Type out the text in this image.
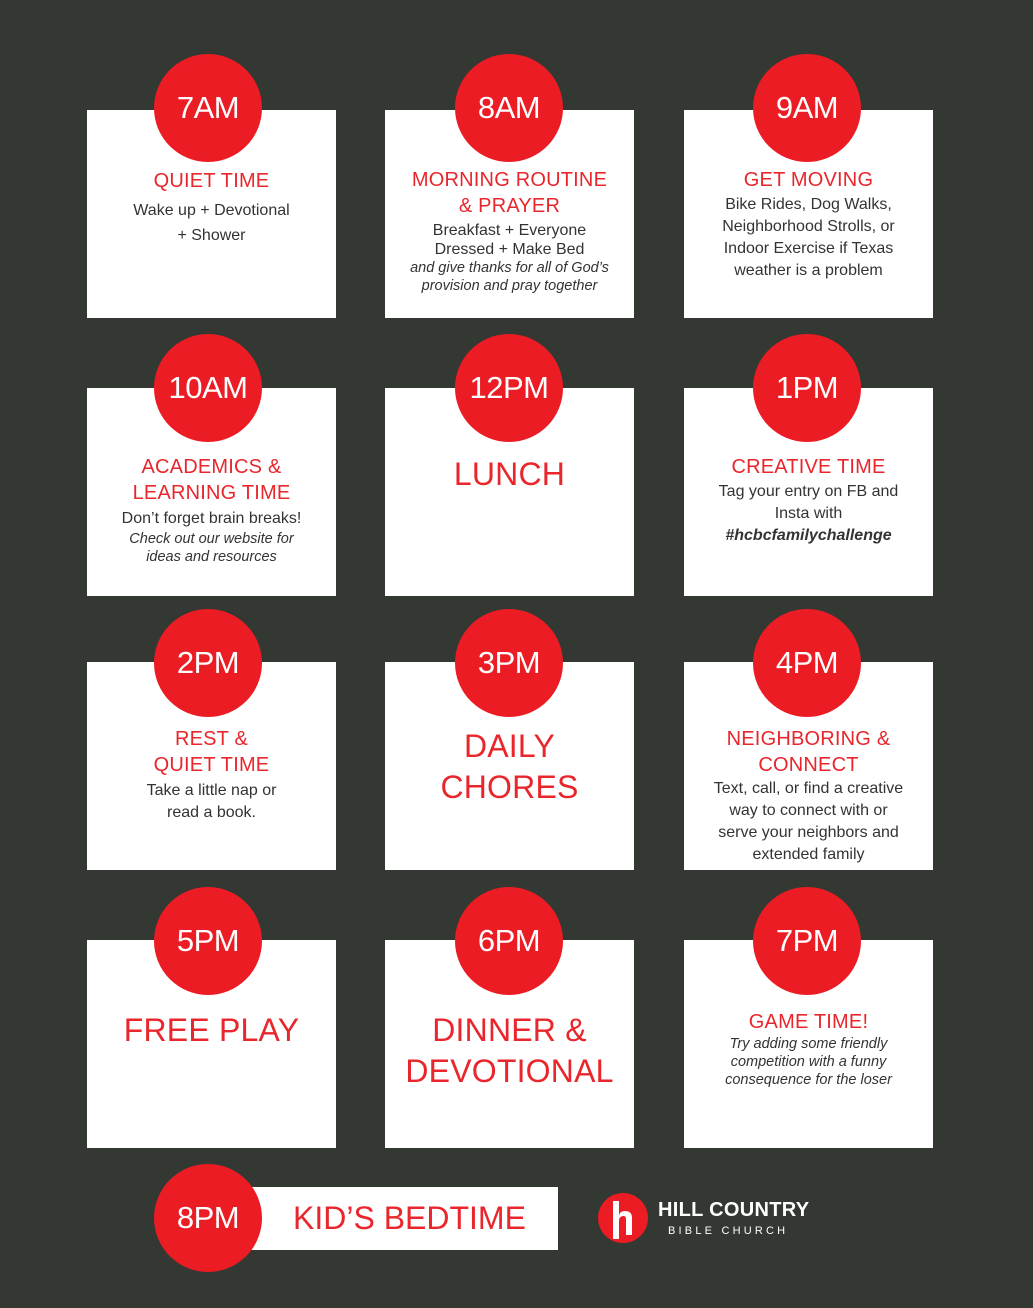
QUIET TIME
Wake up + Devotional
+ Shower
7AM
MORNING ROUTINE
& PRAYER
Breakfast + Everyone
Dressed + Make Bed
and give thanks for all of God’s
provision and pray together
8AM
GET MOVING
Bike Rides, Dog Walks,
Neighborhood Strolls, or
Indoor Exercise if Texas
weather is a problem
9AM
ACADEMICS &
LEARNING TIME
Don’t forget brain breaks!
Check out our website for
ideas and resources
10AM
LUNCH
12PM
CREATIVE TIME
Tag your entry on FB and
Insta with
#hcbcfamilychallenge
1PM
REST &
QUIET TIME
Take a little nap or
read a book.
2PM
DAILY
CHORES
3PM
NEIGHBORING &
CONNECT
Text, call, or find a creative
way to connect with or
serve your neighbors and
extended family
4PM
FREE PLAY
5PM
DINNER &
DEVOTIONAL
6PM
GAME TIME!
Try adding some friendly
competition with a funny
consequence for the loser
7PM
KID’S BEDTIME
8PM	HILL COUNTRY
BIBLE CHURCH
